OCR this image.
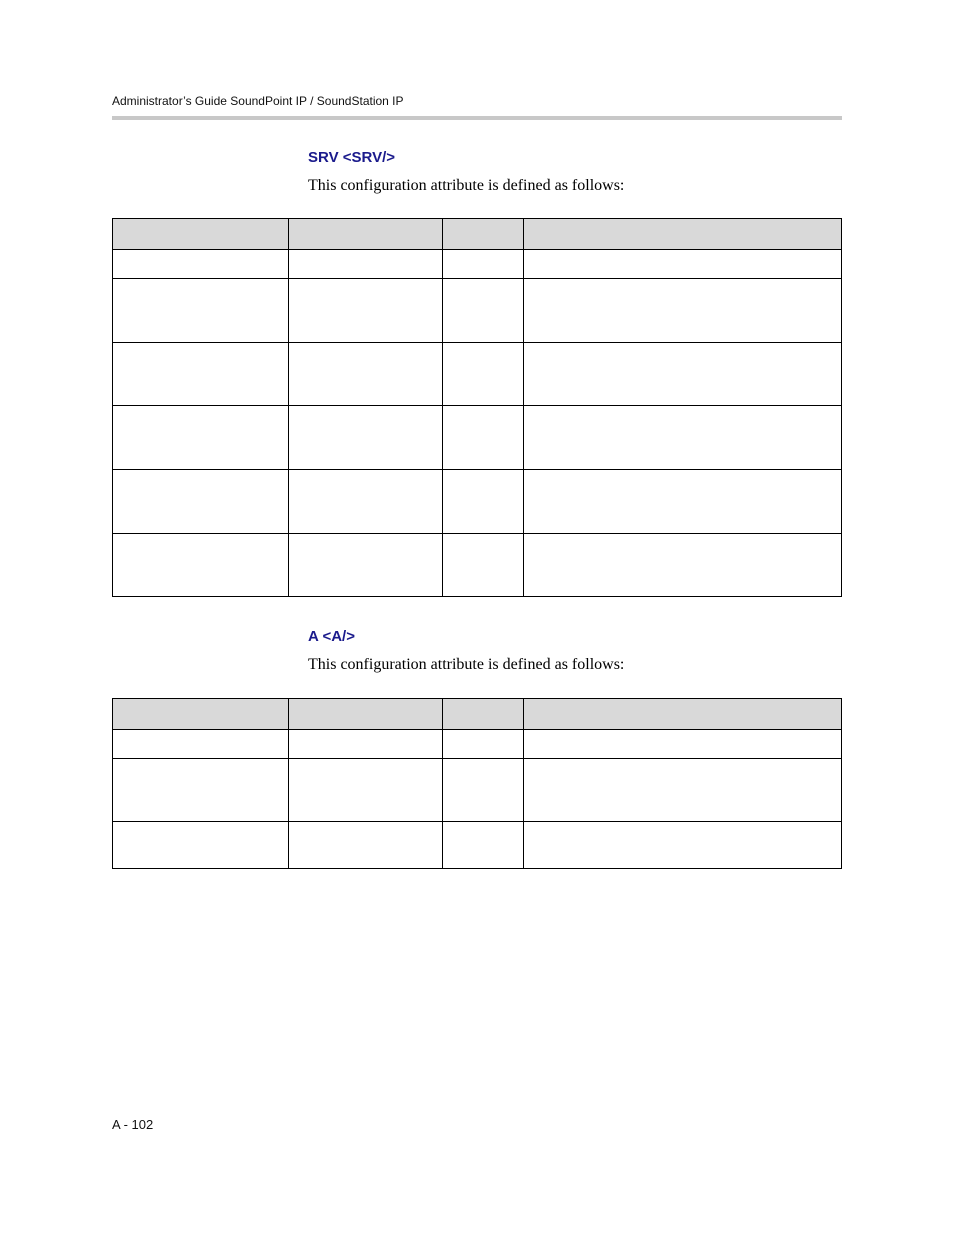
Administrator’s Guide SoundPoint IP / SoundStation IP
SRV <SRV/>
This configuration attribute is defined as follows:

A <A/>
This configuration attribute is defined as follows:

A - 102
